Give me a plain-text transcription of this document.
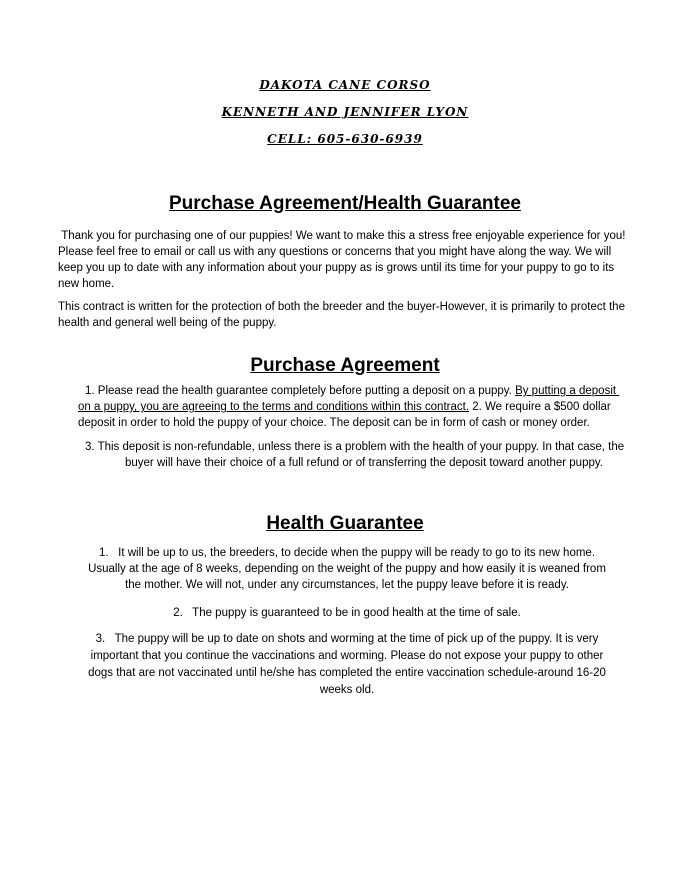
DAKOTA CANE CORSO
KENNETH AND JENNIFER LYON
CELL: 605-630-6939
Purchase Agreement/Health Guarantee

Thank you for purchasing one of our puppies! We want to make this a stress free enjoyable experience for you! Please feel free to email or call us with any questions or concerns that you might have along the way. We will keep you up to date with any information about your puppy as is grows until its time for your puppy to go to its new home.

This contract is written for the protection of both the breeder and the buyer-However, it is primarily to protect the health and general well being of the puppy.

Purchase Agreement

1. Please read the health guarantee completely before putting a deposit on a puppy. By putting a deposit on a puppy, you are agreeing to the terms and conditions within this contract. 2. We require a $500 dollar deposit in order to hold the puppy of your choice. The deposit can be in form of cash or money order.

3. This deposit is non-refundable, unless there is a problem with the health of your puppy. In that case, the buyer will have their choice of a full refund or of transferring the deposit toward another puppy.

Health Guarantee

1.   It will be up to us, the breeders, to decide when the puppy will be ready to go to its new home. Usually at the age of 8 weeks, depending on the weight of the puppy and how easily it is weaned from the mother. We will not, under any circumstances, let the puppy leave before it is ready.

2.   The puppy is guaranteed to be in good health at the time of sale.

3.   The puppy will be up to date on shots and worming at the time of pick up of the puppy. It is very important that you continue the vaccinations and worming. Please do not expose your puppy to other dogs that are not vaccinated until he/she has completed the entire vaccination schedule-around 16-20 weeks old.
